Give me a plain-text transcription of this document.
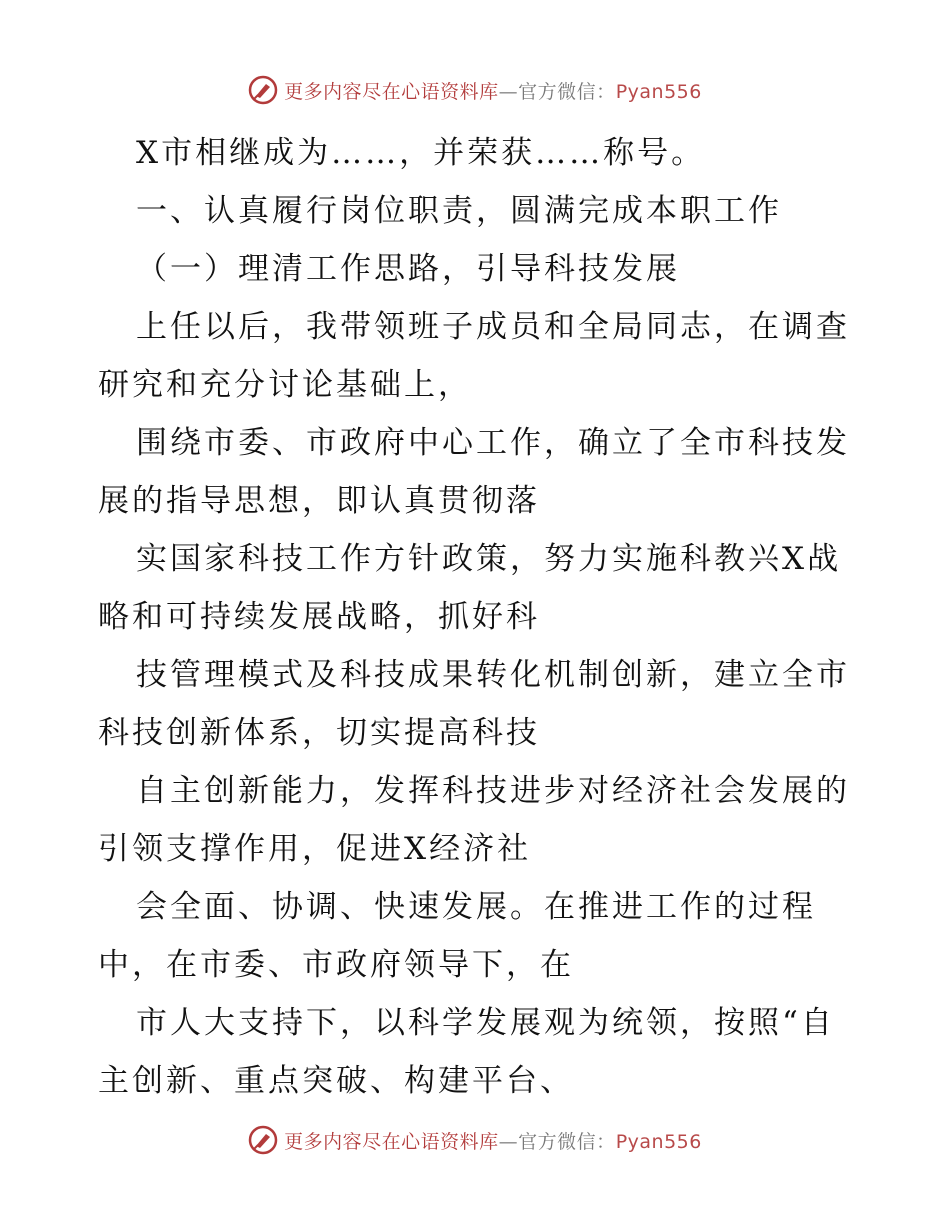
更多内容尽在心语资料库—官方微信：Pyan556
X市相继成为……，并荣获……称号。
一、认真履行岗位职责，圆满完成本职工作
（一）理清工作思路，引导科技发展
上任以后，我带领班子成员和全局同志，在调查
研究和充分讨论基础上，
围绕市委、市政府中心工作，确立了全市科技发
展的指导思想，即认真贯彻落
实国家科技工作方针政策，努力实施科教兴X战
略和可持续发展战略，抓好科
技管理模式及科技成果转化机制创新，建立全市
科技创新体系，切实提高科技
自主创新能力，发挥科技进步对经济社会发展的
引领支撑作用，促进X经济社
会全面、协调、快速发展。在推进工作的过程
中，在市委、市政府领导下，在
市人大支持下，以科学发展观为统领，按照“自
主创新、重点突破、构建平台、
更多内容尽在心语资料库—官方微信：Pyan556
